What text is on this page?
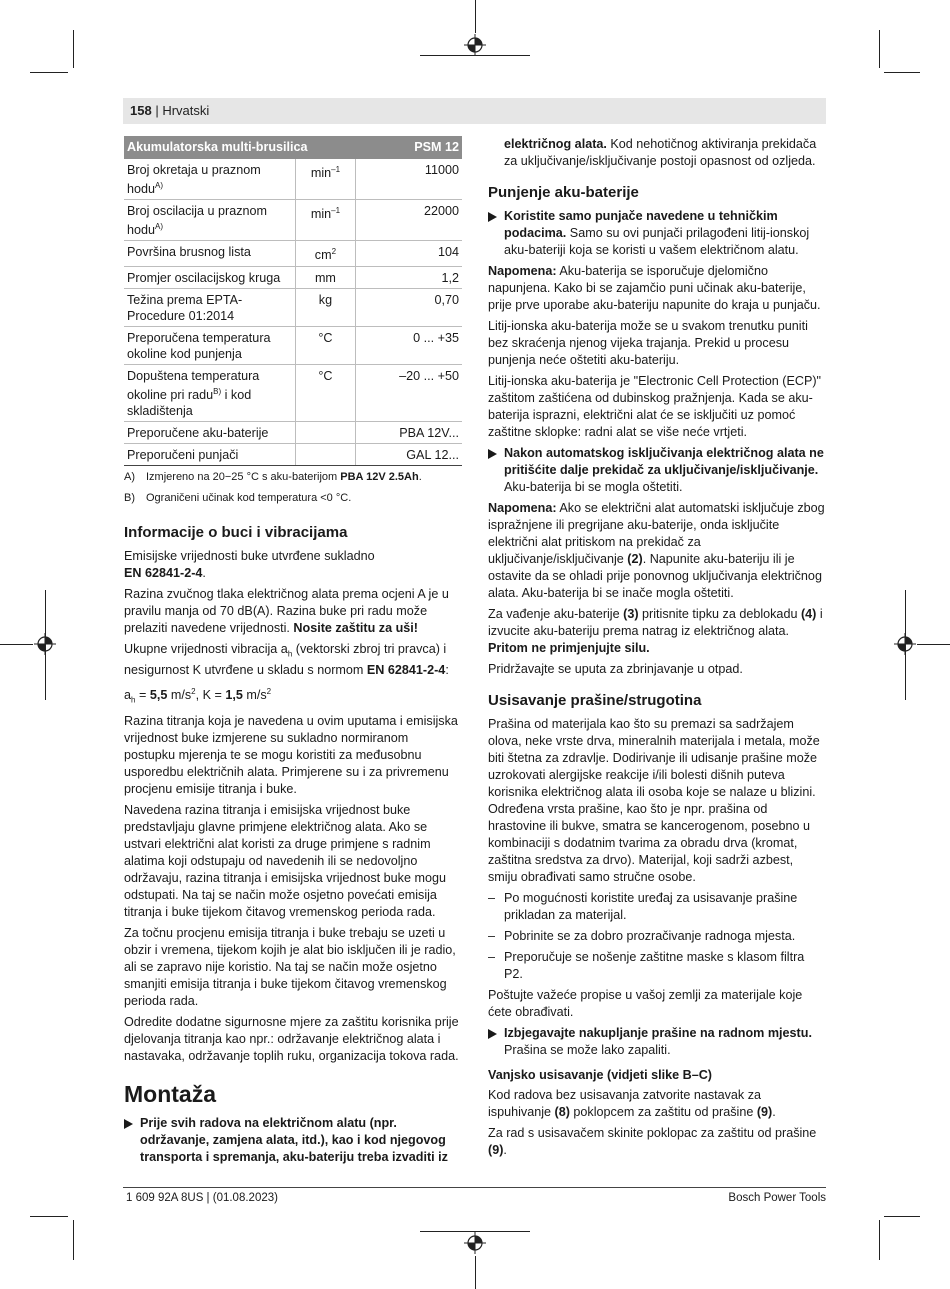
158 | Hrvatski
Akumulatorska multi-brusilica		PSM 12
Broj okretaja u praznom hodu$^{A)}$	$\min^{-1}$	11000
Broj oscilacija u praznom hodu$^{A)}$	$\min^{-1}$	22000
Površina brusnog lista	$cm^2$	104
Promjer oscilacijskog kruga	mm	1,2
Težina prema EPTA-Procedure 01:2014	kg	0,70
Preporučena temperatura okoline kod punjenja	°C	0 ... +35
Dopuštena temperatura okoline pri radu$^{B)}$ i kod skladištenja	°C	–20 ... +50
Preporučene aku-baterije		PBA 12V...
Preporučeni punjači		GAL 12...
A) Izmjereno na 20−25 °C s aku-baterijom PBA 12V 2.5Ah.
B) Ograničeni učinak kod temperatura <0 °C.
Informacije o buci i vibracijama

Emisijske vrijednosti buke utvrđene sukladno
EN 62841-2-4.

Razina zvučnog tlaka električnog alata prema ocjeni A je u pravilu manja od 70 dB(A). Razina buke pri radu može prelaziti navedene vrijednosti. Nosite zaštitu za uši!

Ukupne vrijednosti vibracija $a_h$ (vektorski zbroj tri pravca) i nesigurnost K utvrđene u skladu s normom EN 62841-2-4:

$a_h = 5,5$ $m/s^2$, K = 1,5 $m/s^2$

Razina titranja koja je navedena u ovim uputama i emisijska vrijednost buke izmjerene su sukladno normiranom postupku mjerenja te se mogu koristiti za međusobnu usporedbu električnih alata. Primjerene su i za privremenu procjenu emisije titranja i buke.

Navedena razina titranja i emisijska vrijednost buke predstavljaju glavne primjene električnog alata. Ako se ustvari električni alat koristi za druge primjene s radnim alatima koji odstupaju od navedenih ili se nedovoljno održavaju, razina titranja i emisijska vrijednost buke mogu odstupati. Na taj se način može osjetno povećati emisija titranja i buke tijekom čitavog vremenskog perioda rada.

Za točnu procjenu emisija titranja i buke trebaju se uzeti u obzir i vremena, tijekom kojih je alat bio isključen ili je radio, ali se zapravo nije koristio. Na taj se način može osjetno smanjiti emisija titranja i buke tijekom čitavog vremenskog perioda rada.

Odredite dodatne sigurnosne mjere za zaštitu korisnika prije djelovanja titranja kao npr.: održavanje električnog alata i nastavaka, održavanje toplih ruku, organizacija tokova rada.

Montaža
Prije svih radova na električnom alatu (npr. održavanje, zamjena alata, itd.), kao i kod njegovog transporta i spremanja, aku-bateriju treba izvaditi iz

električnog alata. Kod nehotičnog aktiviranja prekidača za uključivanje/isključivanje postoji opasnost od ozljeda.

Punjenje aku-baterije
Koristite samo punjače navedene u tehničkim podacima. Samo su ovi punjači prilagođeni litij-ionskoj aku-bateriji koja se koristi u vašem električnom alatu.

Napomena: Aku-baterija se isporučuje djelomično napunjena. Kako bi se zajamčio puni učinak aku-baterije, prije prve uporabe aku-bateriju napunite do kraja u punjaču.

Litij-ionska aku-baterija može se u svakom trenutku puniti bez skraćenja njenog vijeka trajanja. Prekid u procesu punjenja neće oštetiti aku-bateriju.

Litij-ionska aku-baterija je "Electronic Cell Protection (ECP)" zaštitom zaštićena od dubinskog pražnjenja. Kada se aku-baterija isprazni, električni alat će se isključiti uz pomoć zaštitne sklopke: radni alat se više neće vrtjeti.

Nakon automatskog isključivanja električnog alata ne pritišćite dalje prekidač za uključivanje/isključivanje. Aku-baterija bi se mogla oštetiti.

Napomena: Ako se električni alat automatski isključuje zbog ispražnjene ili pregrijane aku-baterije, onda isključite električni alat pritiskom na prekidač za uključivanje/isključivanje (2). Napunite aku-bateriju ili je ostavite da se ohladi prije ponovnog uključivanja električnog alata. Aku-baterija bi se inače mogla oštetiti.

Za vađenje aku-baterije (3) pritisnite tipku za deblokadu (4) i izvucite aku-bateriju prema natrag iz električnog alata. Pritom ne primjenjujte silu.

Pridržavajte se uputa za zbrinjavanje u otpad.

Usisavanje prašine/strugotina

Prašina od materijala kao što su premazi sa sadržajem olova, neke vrste drva, mineralnih materijala i metala, može biti štetna za zdravlje. Dodirivanje ili udisanje prašine može uzrokovati alergijske reakcije i/ili bolesti dišnih puteva korisnika električnog alata ili osoba koje se nalaze u blizini. Određena vrsta prašine, kao što je npr. prašina od hrastovine ili bukve, smatra se kancerogenom, posebno u kombinaciji s dodatnim tvarima za obradu drva (kromat, zaštitna sredstva za drvo). Materijal, koji sadrži azbest, smiju obrađivati samo stručne osobe.

– Po mogućnosti koristite uređaj za usisavanje prašine prikladan za materijal.
– Pobrinite se za dobro prozračivanje radnoga mjesta.
– Preporučuje se nošenje zaštitne maske s klasom filtra P2.

Poštujte važeće propise u vašoj zemlji za materijale koje ćete obrađivati.

Izbjegavajte nakupljanje prašine na radnom mjestu. Prašina se može lako zapaliti.
Vanjsko usisavanje (vidjeti slike B–C)

Kod radova bez usisavanja zatvorite nastavak za ispuhivanje (8) poklopcem za zaštitu od prašine (9).

Za rad s usisavačem skinite poklopac za zaštitu od prašine (9).

1 609 92A 8US | (01.08.2023)	Bosch Power Tools
